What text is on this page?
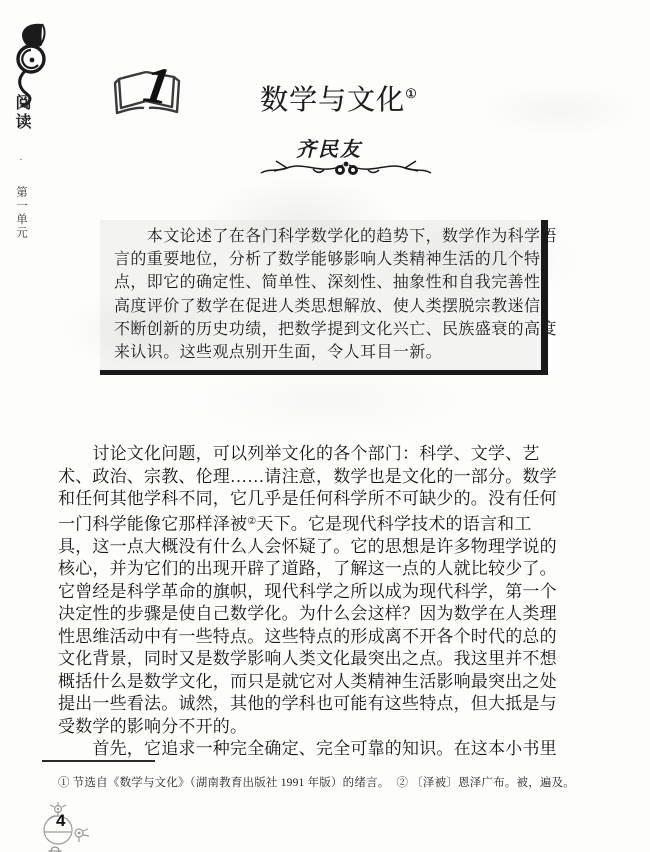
阅读 · 第一单元
1	数学与文化①
齐民友
　　本文论述了在各门科学数学化的趋势下，数学作为科学语
言的重要地位，分析了数学能够影响人类精神生活的几个特
点，即它的确定性、简单性、深刻性、抽象性和自我完善性，
高度评价了数学在促进人类思想解放、使人类摆脱宗教迷信、
不断创新的历史功绩，把数学提到文化兴亡、民族盛衰的高度
来认识。这些观点别开生面，令人耳目一新。
　　讨论文化问题，可以列举文化的各个部门：科学、文学、艺
术、政治、宗教、伦理……请注意，数学也是文化的一部分。数学
和任何其他学科不同，它几乎是任何科学所不可缺少的。没有任何
一门科学能像它那样泽被②天下。它是现代科学技术的语言和工
具，这一点大概没有什么人会怀疑了。它的思想是许多物理学说的
核心，并为它们的出现开辟了道路，了解这一点的人就比较少了。
它曾经是科学革命的旗帜，现代科学之所以成为现代科学，第一个
决定性的步骤是使自己数学化。为什么会这样？因为数学在人类理
性思维活动中有一些特点。这些特点的形成离不开各个时代的总的
文化背景，同时又是数学影响人类文化最突出之点。我这里并不想
概括什么是数学文化，而只是就它对人类精神生活影响最突出之处
提出一些看法。诚然，其他的学科也可能有这些特点，但大抵是与
受数学的影响分不开的。
　　首先，它追求一种完全确定、完全可靠的知识。在这本小书里
① 节选自《数学与文化》（湖南教育出版社 1991 年版）的绪言。 ② 〔泽被〕恩泽广布。被，遍及。
4
